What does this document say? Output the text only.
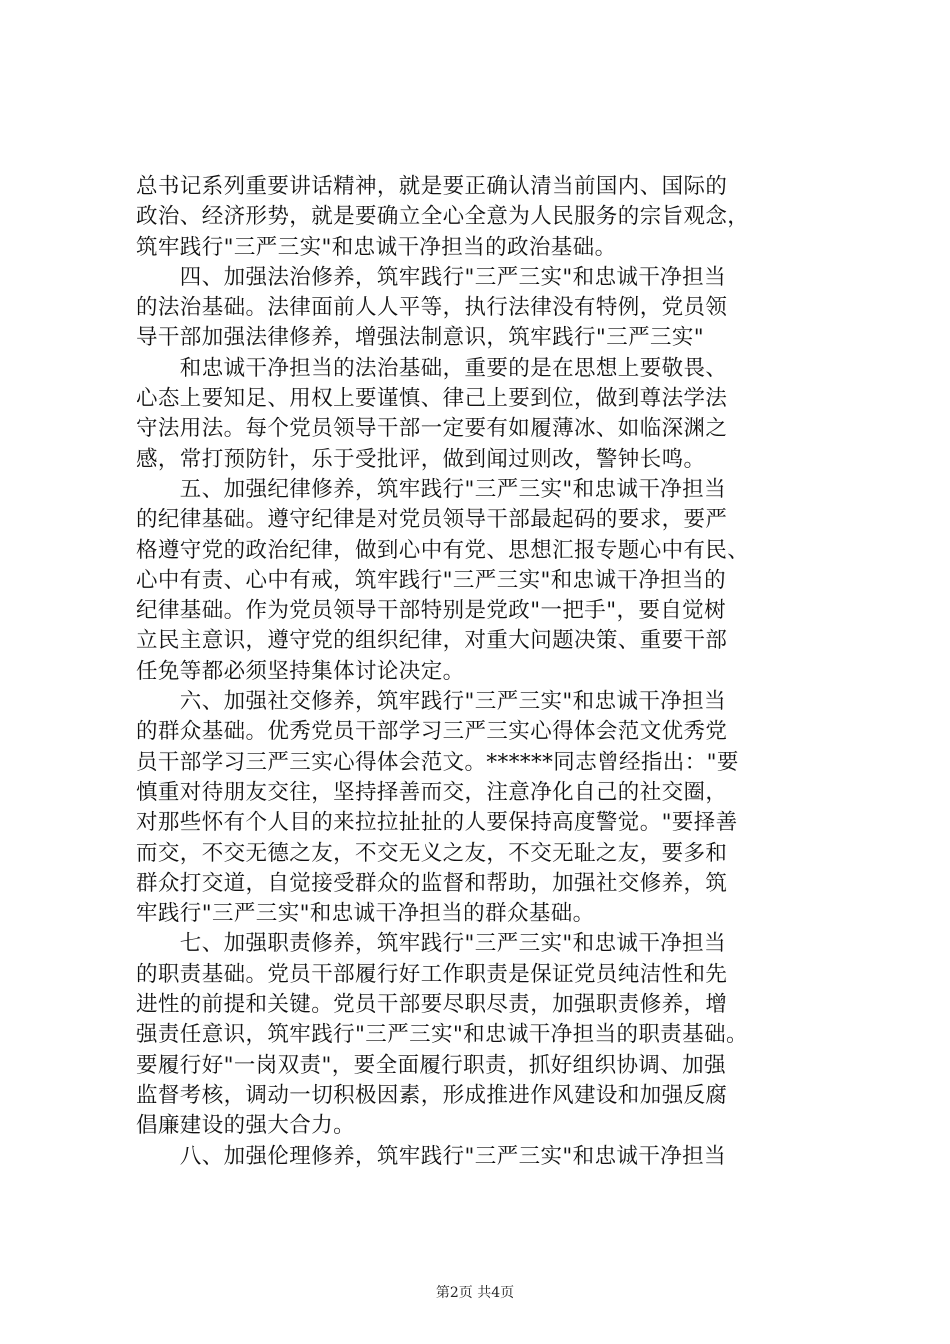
总书记系列重要讲话精神，就是要正确认清当前国内、国际的
政治、经济形势，就是要确立全心全意为人民服务的宗旨观念，
筑牢践行"三严三实"和忠诚干净担当的政治基础。
　　四、加强法治修养，筑牢践行"三严三实"和忠诚干净担当
的法治基础。法律面前人人平等，执行法律没有特例，党员领
导干部加强法律修养，增强法制意识，筑牢践行"三严三实"
　　和忠诚干净担当的法治基础，重要的是在思想上要敬畏、
心态上要知足、用权上要谨慎、律己上要到位，做到尊法学法
守法用法。每个党员领导干部一定要有如履薄冰、如临深渊之
感，常打预防针，乐于受批评，做到闻过则改，警钟长鸣。
　　五、加强纪律修养，筑牢践行"三严三实"和忠诚干净担当
的纪律基础。遵守纪律是对党员领导干部最起码的要求，要严
格遵守党的政治纪律，做到心中有党、思想汇报专题心中有民、
心中有责、心中有戒，筑牢践行"三严三实"和忠诚干净担当的
纪律基础。作为党员领导干部特别是党政"一把手"，要自觉树
立民主意识，遵守党的组织纪律，对重大问题决策、重要干部
任免等都必须坚持集体讨论决定。
　　六、加强社交修养，筑牢践行"三严三实"和忠诚干净担当
的群众基础。优秀党员干部学习三严三实心得体会范文优秀党
员干部学习三严三实心得体会范文。******同志曾经指出："要
慎重对待朋友交往，坚持择善而交，注意净化自己的社交圈，
对那些怀有个人目的来拉拉扯扯的人要保持高度警觉。"要择善
而交，不交无德之友，不交无义之友，不交无耻之友，要多和
群众打交道，自觉接受群众的监督和帮助，加强社交修养，筑
牢践行"三严三实"和忠诚干净担当的群众基础。
　　七、加强职责修养，筑牢践行"三严三实"和忠诚干净担当
的职责基础。党员干部履行好工作职责是保证党员纯洁性和先
进性的前提和关键。党员干部要尽职尽责，加强职责修养，增
强责任意识，筑牢践行"三严三实"和忠诚干净担当的职责基础。
要履行好"一岗双责"，要全面履行职责，抓好组织协调、加强
监督考核，调动一切积极因素，形成推进作风建设和加强反腐
倡廉建设的强大合力。
　　八、加强伦理修养，筑牢践行"三严三实"和忠诚干净担当
第2页 共4页
